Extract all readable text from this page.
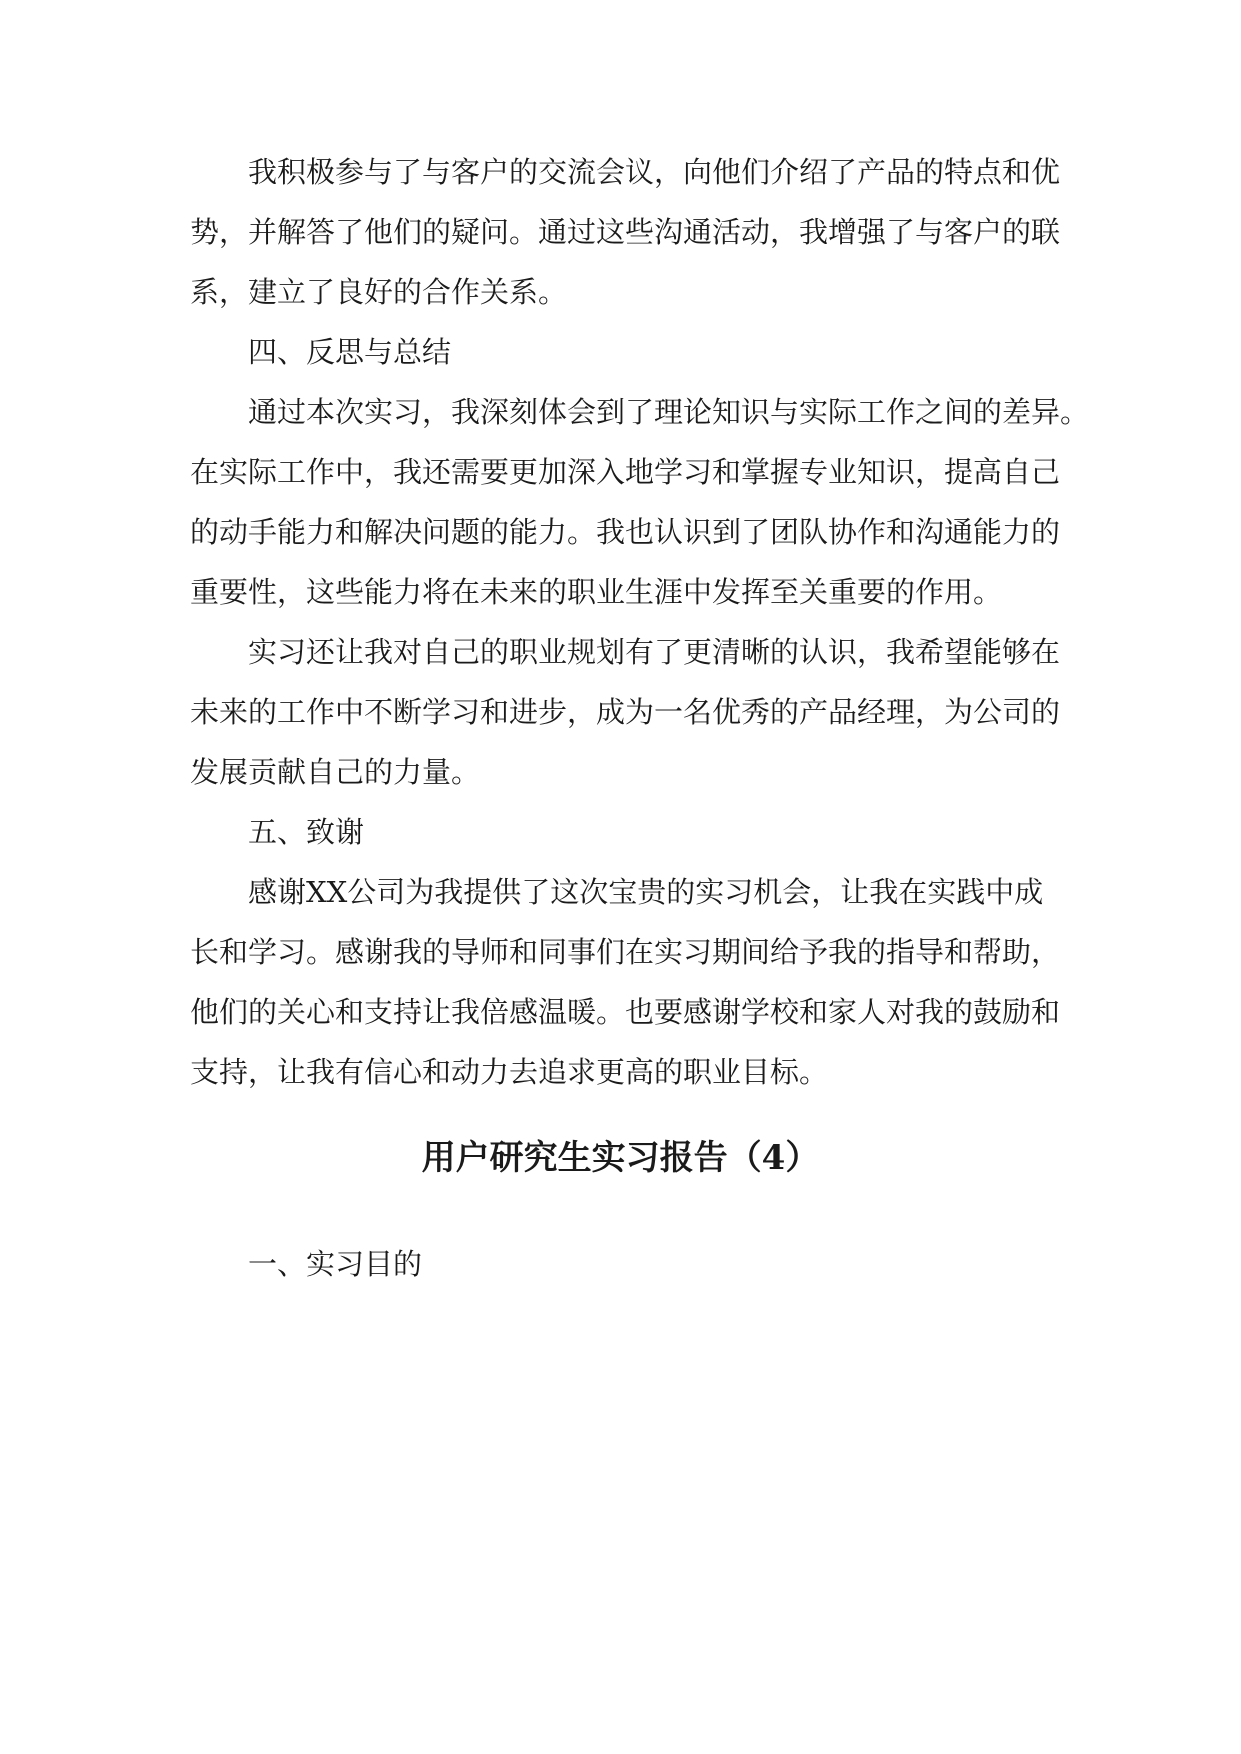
我积极参与了与客户的交流会议，向他们介绍了产品的特点和优
势，并解答了他们的疑问。通过这些沟通活动，我增强了与客户的联
系，建立了良好的合作关系。
四、反思与总结
通过本次实习，我深刻体会到了理论知识与实际工作之间的差异。
在实际工作中，我还需要更加深入地学习和掌握专业知识，提高自己
的动手能力和解决问题的能力。我也认识到了团队协作和沟通能力的
重要性，这些能力将在未来的职业生涯中发挥至关重要的作用。
实习还让我对自己的职业规划有了更清晰的认识，我希望能够在
未来的工作中不断学习和进步，成为一名优秀的产品经理，为公司的
发展贡献自己的力量。
五、致谢
感谢XX公司为我提供了这次宝贵的实习机会，让我在实践中成
长和学习。感谢我的导师和同事们在实习期间给予我的指导和帮助，
他们的关心和支持让我倍感温暖。也要感谢学校和家人对我的鼓励和
支持，让我有信心和动力去追求更高的职业目标。
用户研究生实习报告（4）
一、实习目的
